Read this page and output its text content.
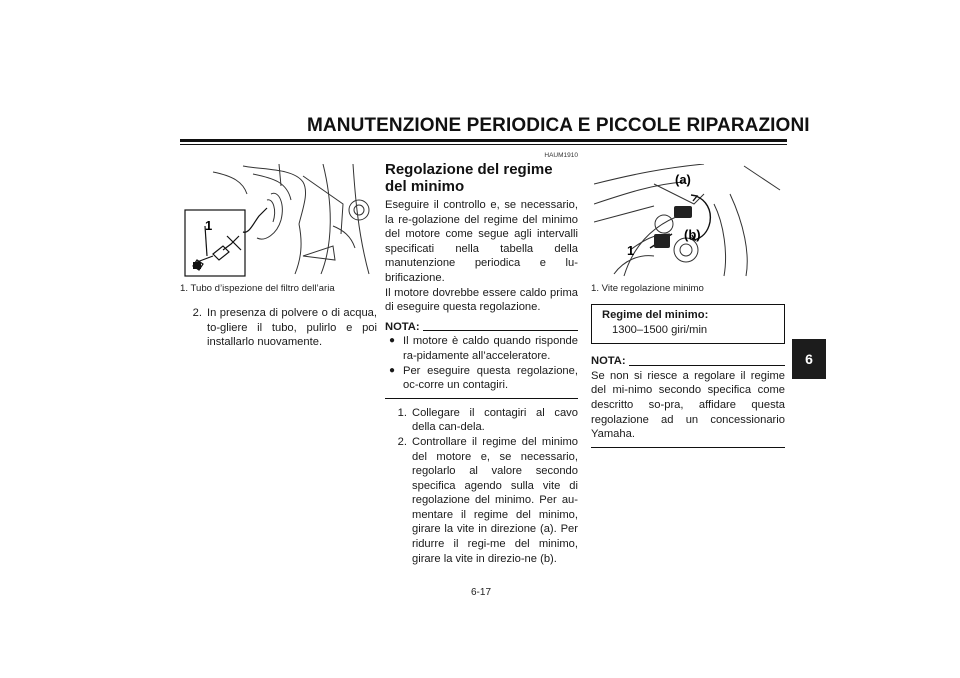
MANUTENZIONE PERIODICA E PICCOLE RIPARAZIONI
6
1
1. Tubo d’ispezione del filtro dell’aria
2. In presenza di polvere o di acqua, to-gliere il tubo, pulirlo e poi installarlo nuovamente.
HAUM1910
Regolazione del regime del minimo
Eseguire il controllo e, se necessario, la re-golazione del regime del minimo del motore come segue agli intervalli specificati nella tabella della manutenzione periodica e lu-brificazione.
Il motore dovrebbe essere caldo prima di eseguire questa regolazione.
NOTA:
● Il motore è caldo quando risponde ra-pidamente all’acceleratore.
● Per eseguire questa regolazione, oc-corre un contagiri.
1. Collegare il contagiri al cavo della can-dela.
2. Controllare il regime del minimo del motore e, se necessario, regolarlo al valore secondo specifica agendo sulla vite di regolazione del minimo. Per au-mentare il regime del minimo, girare la vite in direzione (a). Per ridurre il regi-me del minimo, girare la vite in direzio-ne (b).
(a)
(b)
1
1. Vite regolazione minimo
Regime del minimo:
1300–1500 giri/min
NOTA:
Se non si riesce a regolare il regime del mi-nimo secondo specifica come descritto so-pra, affidare questa regolazione ad un concessionario Yamaha.
6-17
